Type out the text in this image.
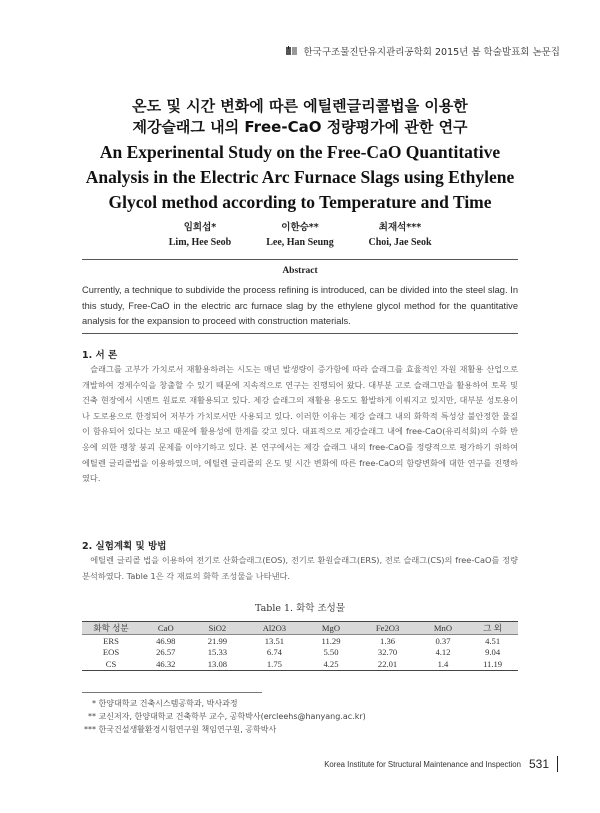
한국구조물진단유지관리공학회 2015년 봄 학술발표회 논문집
온도 및 시간 변화에 따른 에틸렌글리콜법을 이용한
제강슬래그 내의 Free-CaO 정량평가에 관한 연구
An Experinental Study on the Free-CaO Quantitative
Analysis in the Electric Arc Furnace Slags using Ethylene
Glycol method according to Temperature and Time
임희섭*
Lim, Hee Seob
이한승**
Lee, Han Seung
최재석***
Choi, Jae Seok
Abstract
Currently, a technique to subdivide the process refining is introduced, can be divided into the steel slag. In this study, Free-CaO in the electric arc furnace slag by the ethylene glycol method for the quantitative analysis for the expansion to proceed with construction materials.
1. 서 론
슬래그를 고부가 가치로서 재활용하려는 시도는 매년 발생량이 증가함에 따라 슬래그를 효율적인 자원 재활용 산업으로 개발하여 경제수익을 창출할 수 있기 때문에 지속적으로 연구는 진행되어 왔다. 대부분 고로 슬래그만을 활용하여 토목 및 건축 현장에서 시멘트 원료로 재활용되고 있다. 제강 슬래그의 재활용 용도도 활발하게 이뤄지고 있지만, 대부분 성토용이나 도로용으로 한정되어 저부가 가치로서만 사용되고 있다. 이러한 이유는 제강 슬래그 내의 화학적 특성상 불안정한 물질이 함유되어 있다는 보고 때문에 활용성에 한계를 갖고 있다. 대표적으로 제강슬래그 내에 free-CaO(유리석회)의 수화 반응에 의한 팽창 붕괴 문제를 이야기하고 있다. 본 연구에서는 제강 슬래그 내의 free-CaO를 정량적으로 평가하기 위하여 에틸렌 글리콜법을 이용하였으며, 에틸렌 글리콜의 온도 및 시간 변화에 따른 free-CaO의 함량변화에 대한 연구를 진행하였다.
2. 실험계획 및 방법
에틸렌 글리콜 법을 이용하여 전기로 산화슬래그(EOS), 전기로 환원슬래그(ERS), 전로 슬래그(CS)의 free-CaO를 정량 분석하였다. Table 1은 각 재료의 화학 조성물을 나타낸다.
Table 1. 화학 조성물
화학 성분	CaO	SiO2	Al2O3	MgO	Fe2O3	MnO	그 외
ERS	46.98	21.99	13.51	11.29	1.36	0.37	4.51
EOS	26.57	15.33	6.74	5.50	32.70	4.12	9.04
CS	46.32	13.08	1.75	4.25	22.01	1.4	11.19
* 한양대학교 건축시스템공학과, 박사과정
** 교신저자, 한양대학교 건축학부 교수, 공학박사(ercleehs@hanyang.ac.kr)
*** 한국건설생활환경시험연구원 책임연구원, 공학박사
Korea Institute for Structural Maintenance and Inspection 531
